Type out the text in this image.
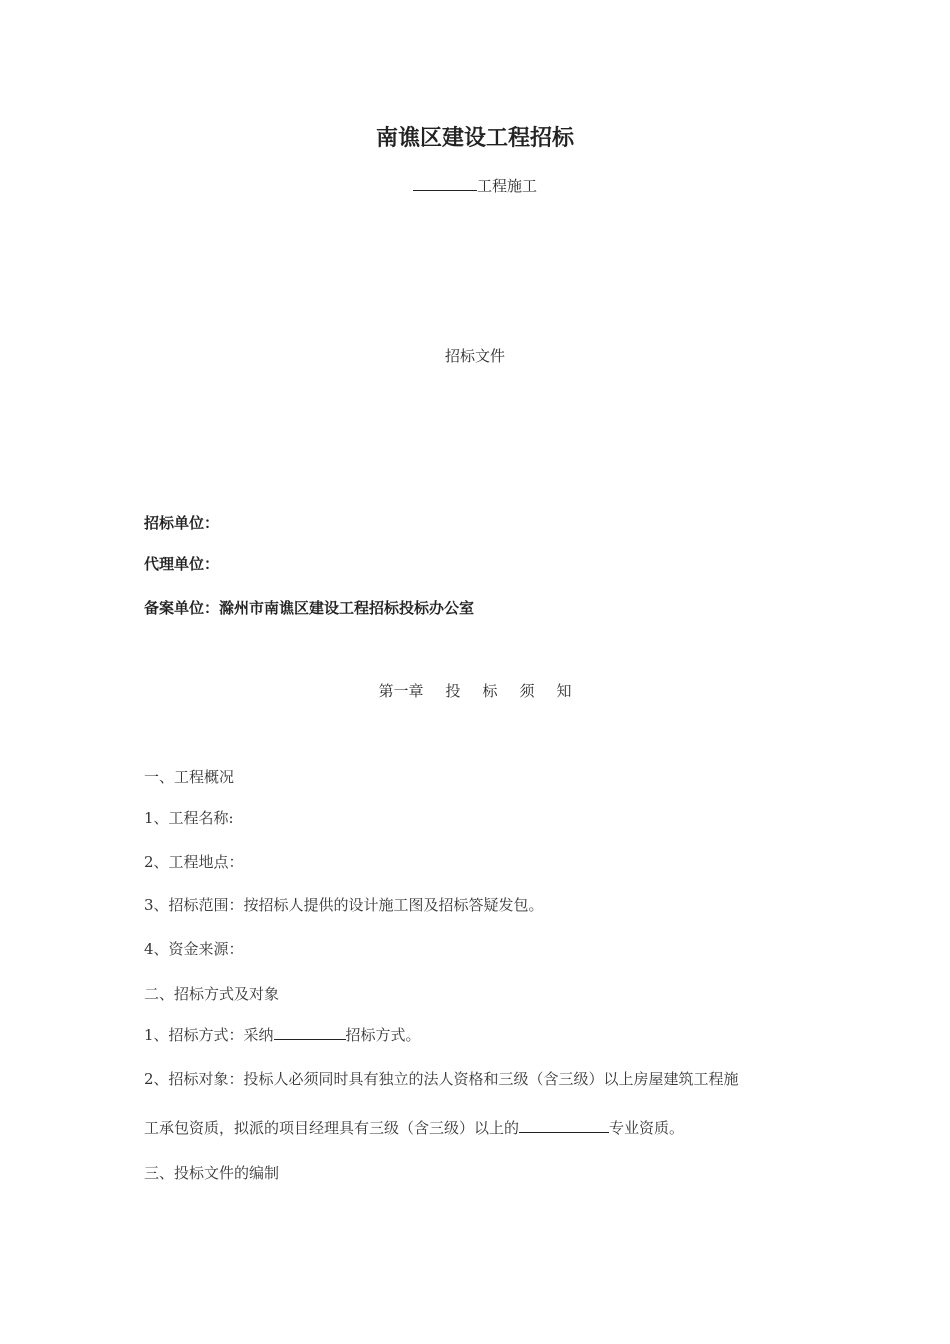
南谯区建设工程招标
工程施工
招标文件
招标单位：
代理单位：
备案单位：滁州市南谯区建设工程招标投标办公室
第一章 投 标 须 知
一、工程概况
1、工程名称:
2、工程地点：
3、招标范围：按招标人提供的设计施工图及招标答疑发包。
4、资金来源：
二、招标方式及对象
1、招标方式：采纳	招标方式。
2、招标对象：投标人必须同时具有独立的法人资格和三级（含三级）以上房屋建筑工程施
工承包资质，拟派的项目经理具有三级（含三级）以上的	专业资质。
三、投标文件的编制
